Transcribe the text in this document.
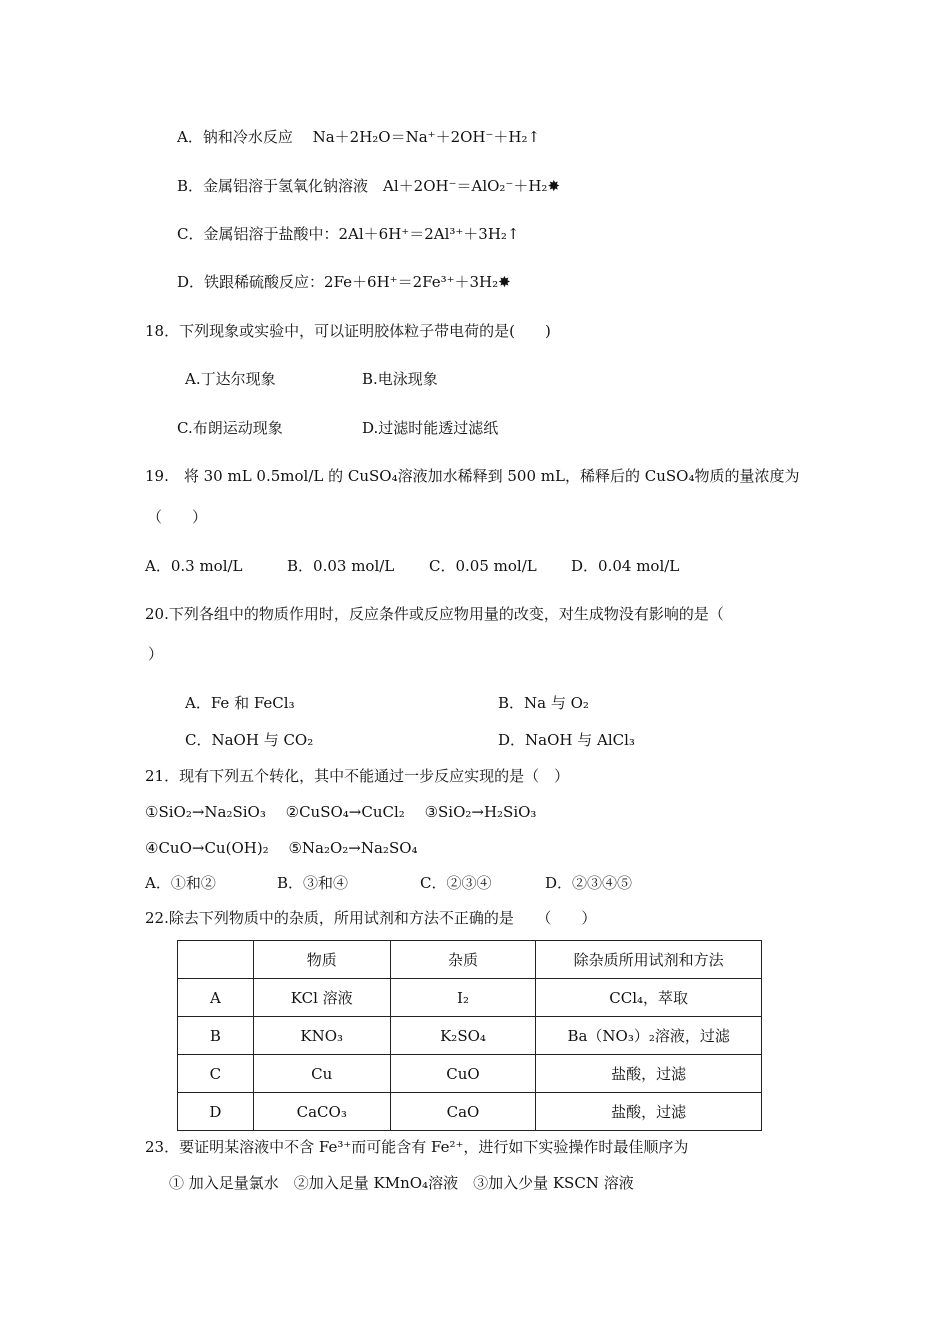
A．钠和冷水反应　 Na＋2H₂O＝Na⁺＋2OH⁻＋H₂↑
B．金属铝溶于氢氧化钠溶液　Al＋2OH⁻＝AlO₂⁻＋H₂✸
C．金属铝溶于盐酸中：2Al＋6H⁺＝2Al³⁺＋3H₂↑
D．铁跟稀硫酸反应：2Fe＋6H⁺＝2Fe³⁺＋3H₂✸
18．下列现象或实验中，可以证明胶体粒子带电荷的是(　　)
A.丁达尔现象	B.电泳现象
C.布朗运动现象	D.过滤时能透过滤纸
19.　将 30 mL 0.5mol/L 的 CuSO₄溶液加水稀释到 500 mL，稀释后的 CuSO₄物质的量浓度为
（　　）
A．0.3 mol/L	B．0.03 mol/L C．0.05 mol/L D．0.04 mol/L
20.下列各组中的物质作用时，反应条件或反应物用量的改变，对生成物没有影响的是（
）
A．Fe 和 FeCl₃	B．Na 与 O₂
C．NaOH 与 CO₂	D．NaOH 与 AlCl₃
21．现有下列五个转化，其中不能通过一步反应实现的是（　）
①SiO₂→Na₂SiO₃　 ②CuSO₄→CuCl₂　 ③SiO₂→H₂SiO₃
④CuO→Cu(OH)₂　 ⑤Na₂O₂→Na₂SO₄
A．①和②	B．③和④	C．②③④	D．②③④⑤
22.除去下列物质中的杂质，所用试剂和方法不正确的是　　（　　）
	物质	杂质	除杂质所用试剂和方法
A	KCl 溶液	I₂	CCl₄，萃取
B	KNO₃	K₂SO₄	Ba（NO₃）₂溶液，过滤
C	Cu	CuO	盐酸，过滤
D	CaCO₃	CaO	盐酸，过滤
23．要证明某溶液中不含 Fe³⁺而可能含有 Fe²⁺，进行如下实验操作时最佳顺序为
① 加入足量氯水　②加入足量 KMnO₄溶液　③加入少量 KSCN 溶液
